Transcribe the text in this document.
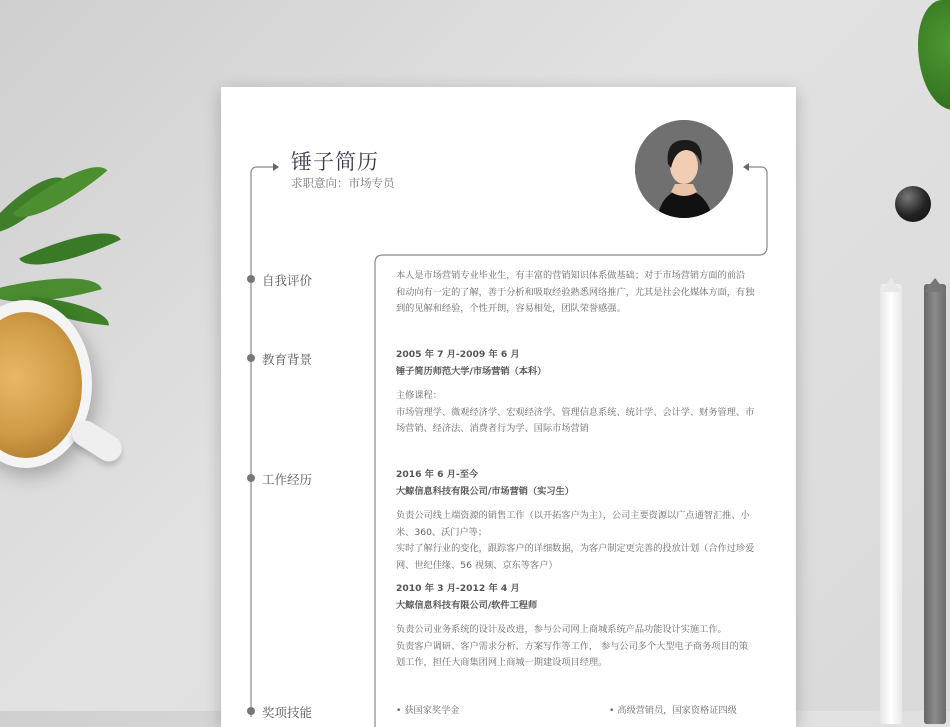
锤子简历
求职意向：市场专员
自我评价	本人是市场营销专业毕业生，有丰富的营销知识体系做基础；对于市场营销方面的前沿
和动向有一定的了解，善于分析和吸取经验熟悉网络推广，尤其是社会化媒体方面，有独
到的见解和经验，个性开朗，容易相处，团队荣誉感强。
教育背景	2005 年 7 月-2009 年 6 月
锤子简历师范大学/市场营销（本科）
主修课程：
市场管理学、微观经济学、宏观经济学、管理信息系统、统计学、会计学、财务管理、市
场营销、经济法、消费者行为学、国际市场营销
工作经历	2016 年 6 月-至今
大鲸信息科技有限公司/市场营销（实习生）
负责公司线上端资源的销售工作（以开拓客户为主），公司主要资源以广点通智汇推、小
米、360、沃门户等；
实时了解行业的变化，跟踪客户的详细数据，为客户制定更完善的投放计划（合作过珍爱
网、世纪佳缘、56 视频、京东等客户）
2010 年 3 月-2012 年 4 月
大鲸信息科技有限公司/软件工程师
负责公司业务系统的设计及改进，参与公司网上商城系统产品功能设计实施工作。
负责客户调研、客户需求分析、方案写作等工作， 参与公司多个大型电子商务项目的策
划工作，担任大商集团网上商城一期建设项目经理。
奖项技能	• 获国家奖学金	• 高级营销员，国家资格证四级
